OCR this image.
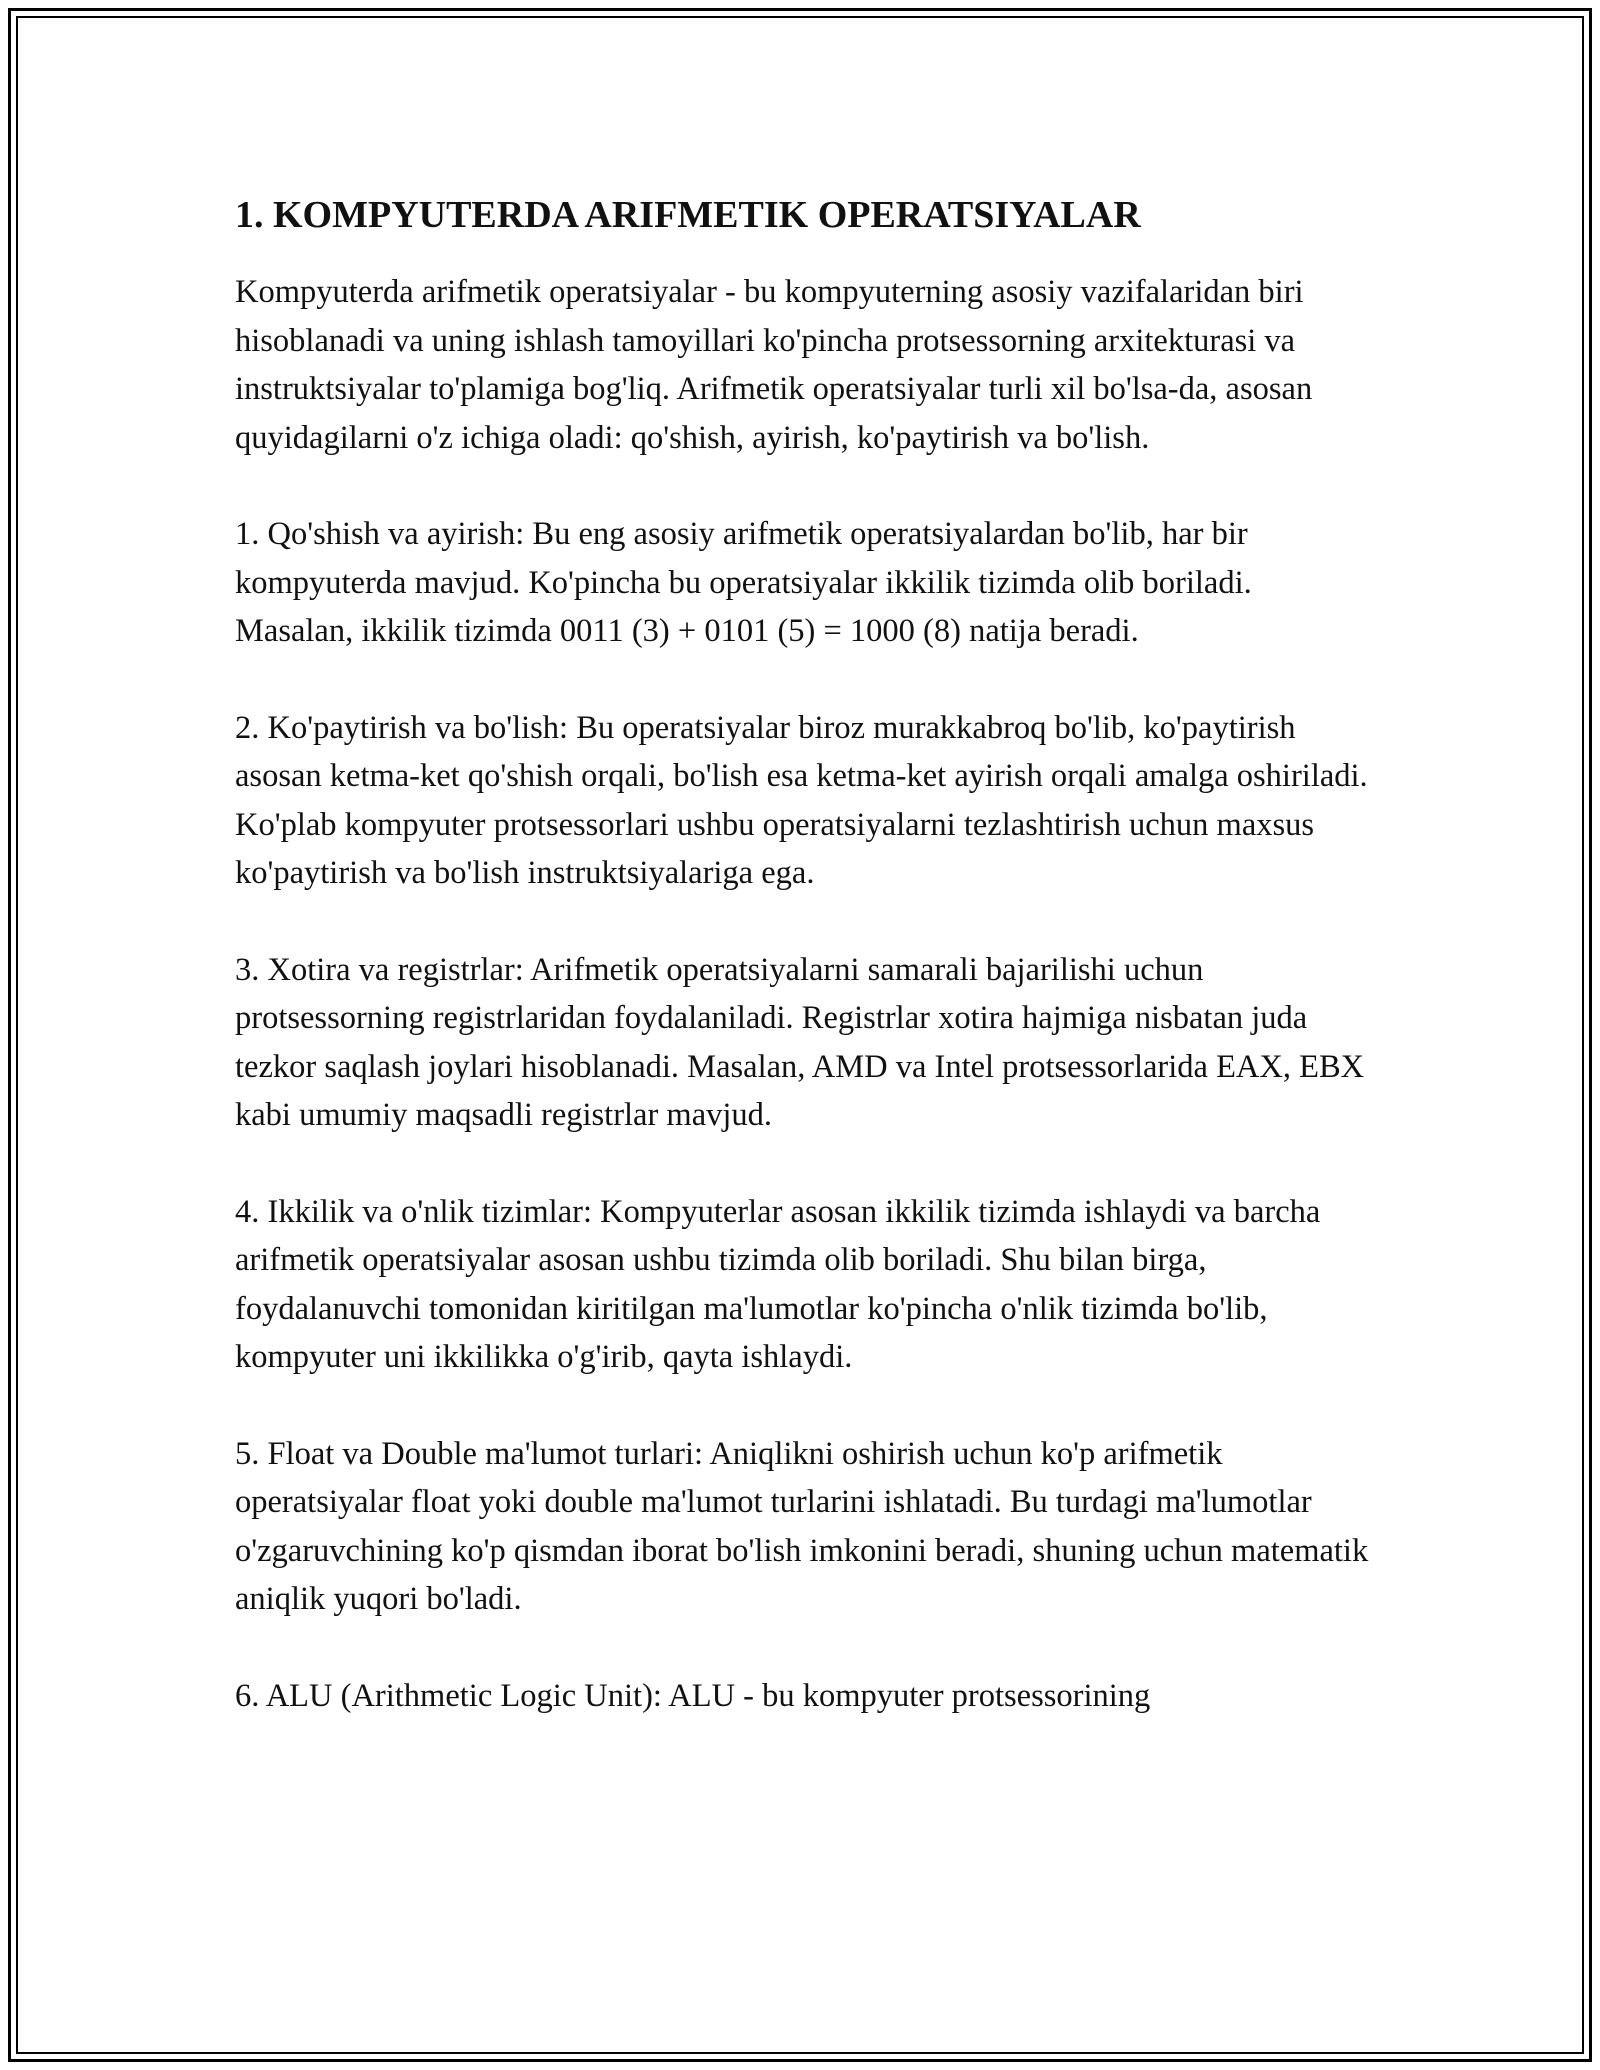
1. KOMPYUTERDA ARIFMETIK OPERATSIYALAR

Kompyuterda arifmetik operatsiyalar - bu kompyuterning asosiy vazifalaridan biri hisoblanadi va uning ishlash tamoyillari ko'pincha protsessorning arxitekturasi va instruktsiyalar to'plamiga bog'liq. Arifmetik operatsiyalar turli xil bo'lsa-da, asosan quyidagilarni o'z ichiga oladi: qo'shish, ayirish, ko'paytirish va bo'lish.

1. Qo'shish va ayirish: Bu eng asosiy arifmetik operatsiyalardan bo'lib, har bir kompyuterda mavjud. Ko'pincha bu operatsiyalar ikkilik tizimda olib boriladi. Masalan, ikkilik tizimda 0011 (3) + 0101 (5) = 1000 (8) natija beradi.

2. Ko'paytirish va bo'lish: Bu operatsiyalar biroz murakkabroq bo'lib, ko'paytirish asosan ketma-ket qo'shish orqali, bo'lish esa ketma-ket ayirish orqali amalga oshiriladi. Ko'plab kompyuter protsessorlari ushbu operatsiyalarni tezlashtirish uchun maxsus ko'paytirish va bo'lish instruktsiyalariga ega.

3. Xotira va registrlar: Arifmetik operatsiyalarni samarali bajarilishi uchun protsessorning registrlaridan foydalaniladi. Registrlar xotira hajmiga nisbatan juda tezkor saqlash joylari hisoblanadi. Masalan, AMD va Intel protsessorlarida EAX, EBX kabi umumiy maqsadli registrlar mavjud.

4. Ikkilik va o'nlik tizimlar: Kompyuterlar asosan ikkilik tizimda ishlaydi va barcha arifmetik operatsiyalar asosan ushbu tizimda olib boriladi. Shu bilan birga, foydalanuvchi tomonidan kiritilgan ma'lumotlar ko'pincha o'nlik tizimda bo'lib, kompyuter uni ikkilikka o'g'irib, qayta ishlaydi.

5. Float va Double ma'lumot turlari: Aniqlikni oshirish uchun ko'p arifmetik operatsiyalar float yoki double ma'lumot turlarini ishlatadi. Bu turdagi ma'lumotlar o'zgaruvchining ko'p qismdan iborat bo'lish imkonini beradi, shuning uchun matematik aniqlik yuqori bo'ladi.

6. ALU (Arithmetic Logic Unit): ALU - bu kompyuter protsessorining
